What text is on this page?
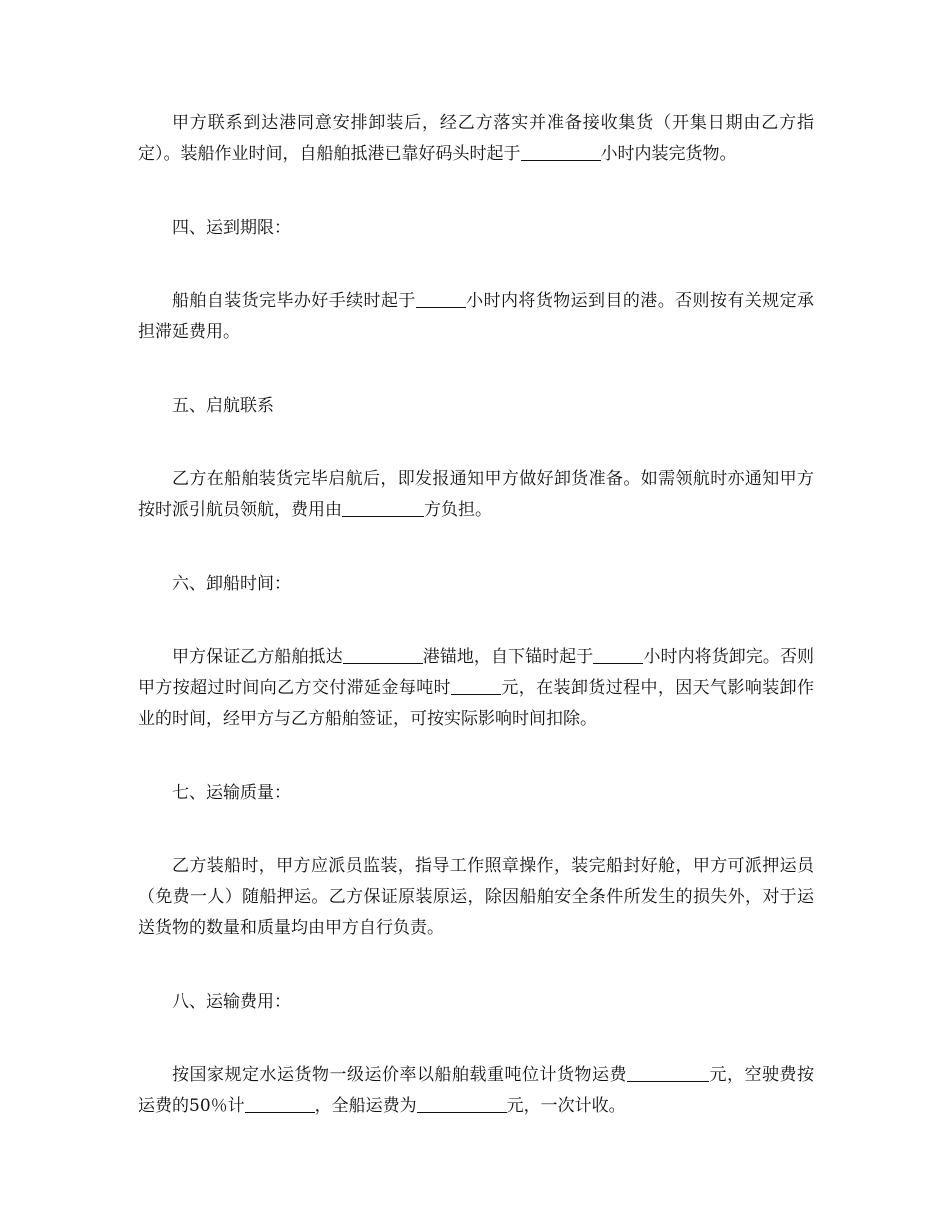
甲方联系到达港同意安排卸装后，经乙方落实并准备接收集货（开集日期由乙方指定）。装船作业时间，自船舶抵港已靠好码头时起于	小时内装完货物。

四、运到期限：

船舶自装货完毕办好手续时起于	小时内将货物运到目的港。否则按有关规定承担滞延费用。

五、启航联系

乙方在船舶装货完毕启航后，即发报通知甲方做好卸货准备。如需领航时亦通知甲方按时派引航员领航，费用由	方负担。

六、卸船时间：

甲方保证乙方船舶抵达	港锚地，自下锚时起于	小时内将货卸完。否则甲方按超过时间向乙方交付滞延金每吨时	元，在装卸货过程中，因天气影响装卸作业的时间，经甲方与乙方船舶签证，可按实际影响时间扣除。

七、运输质量：

乙方装船时，甲方应派员监装，指导工作照章操作，装完船封好舱，甲方可派押运员（免费一人）随船押运。乙方保证原装原运，除因船舶安全条件所发生的损失外，对于运送货物的数量和质量均由甲方自行负责。

八、运输费用：

按国家规定水运货物一级运价率以船舶载重吨位计货物运费	元，空驶费按运费的50％计	，全船运费为	元，一次计收。
